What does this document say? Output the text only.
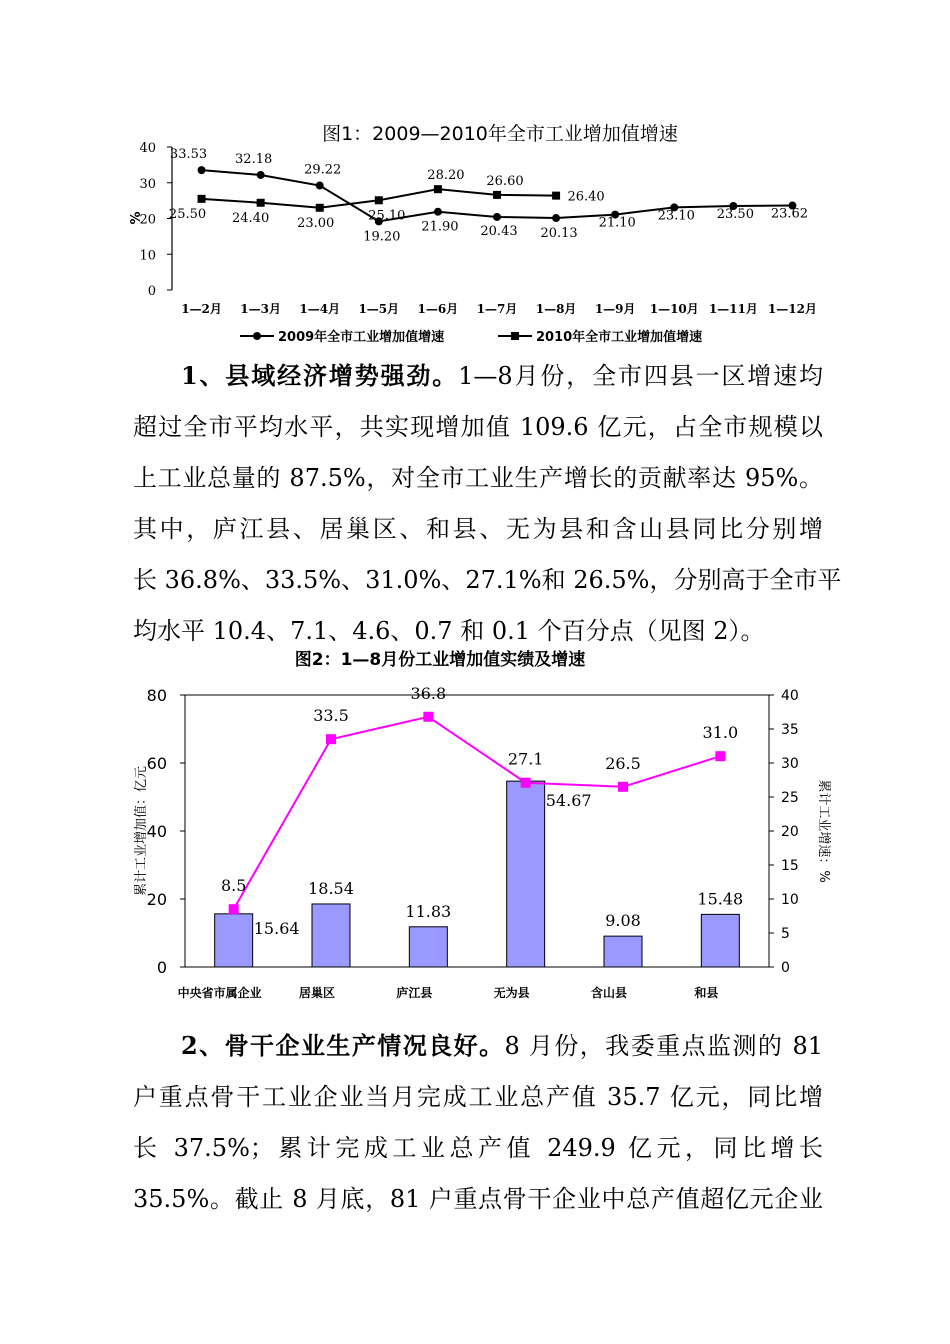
图1：2009—2010年全市工业增加值增速
%
0
10
20
30
40
1—2月 1—3月 1—4月 1—5月 1—6月 1—7月 1—8月 1—9月 1—10月 1—11月 1—12月
33.53 32.18
29.22
19.20
21.90 20.43 20.13
21.10 23.10 23.50 23.62
25.50 24.40 23.00
25.10
28.20 26.60
26.40
2009年全市工业增加值增速	2010年全市工业增加值增速
1、县域经济增势强劲。1—8月份，全市四县一区增速均
超过全市平均水平，共实现增加值 109.6 亿元，占全市规模以
上工业总量的 87.5%，对全市工业生产增长的贡献率达 95%。
其中，庐江县、居巢区、和县、无为县和含山县同比分别增
长 36.8%、33.5%、31.0%、27.1%和 26.5%，分别高于全市平
均水平 10.4、7.1、4.6、0.7 和 0.1 个百分点（见图 2）。
图2：1—8月份工业增加值实绩及增速
累计工业增加值：亿元	累计工业增速：%
0
20
40
60
80
0
5
10
15
20
25
30
35
40
15.64
18.54
11.83
54.67
9.08
15.48
8.5
33.5
36.8
27.1	26.5
31.0
中央省市属企业	居巢区	庐江县	无为县	含山县	和县
2、骨干企业生产情况良好。8 月份，我委重点监测的 81
户重点骨干工业企业当月完成工业总产值 35.7 亿元，同比增
长 37.5%；累计完成工业总产值 249.9 亿元，同比增长
35.5%。截止 8 月底，81 户重点骨干企业中总产值超亿元企业
